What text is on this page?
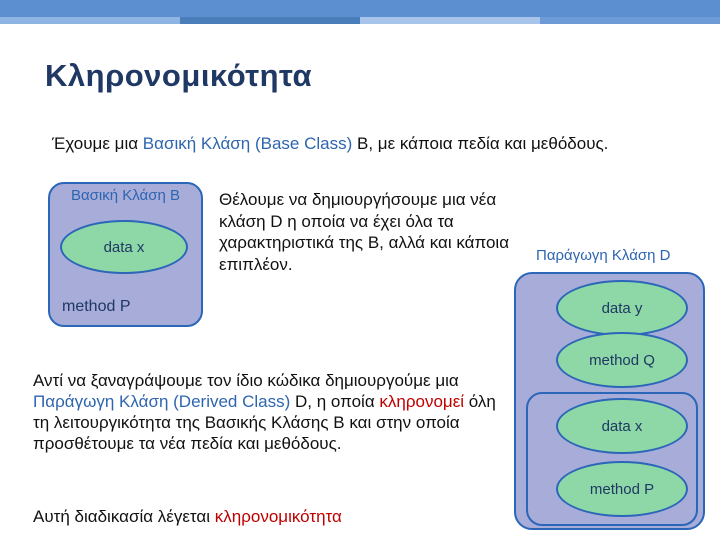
Κληρονομικότητα
Έχουμε μια Βασική Κλάση (Base Class) B, με κάποια πεδία και μεθόδους.
Βασική Κλάση B
data x
method P
Θέλουμε να δημιουργήσουμε μια νέα κλάση D η οποία να έχει όλα τα χαρακτηριστικά της B, αλλά και κάποια επιπλέον.	Παράγωγη Κλάση D
data y
method Q
data x
method P
Αντί να ξαναγράψουμε τον ίδιο κώδικα δημιουργούμε μια Παράγωγη Κλάση (Derived Class) D, η οποία κληρονομεί όλη τη λειτουργικότητα της Βασικής Κλάσης B και στην οποία προσθέτουμε τα νέα πεδία και μεθόδους.
Αυτή διαδικασία λέγεται κληρονομικότητα
